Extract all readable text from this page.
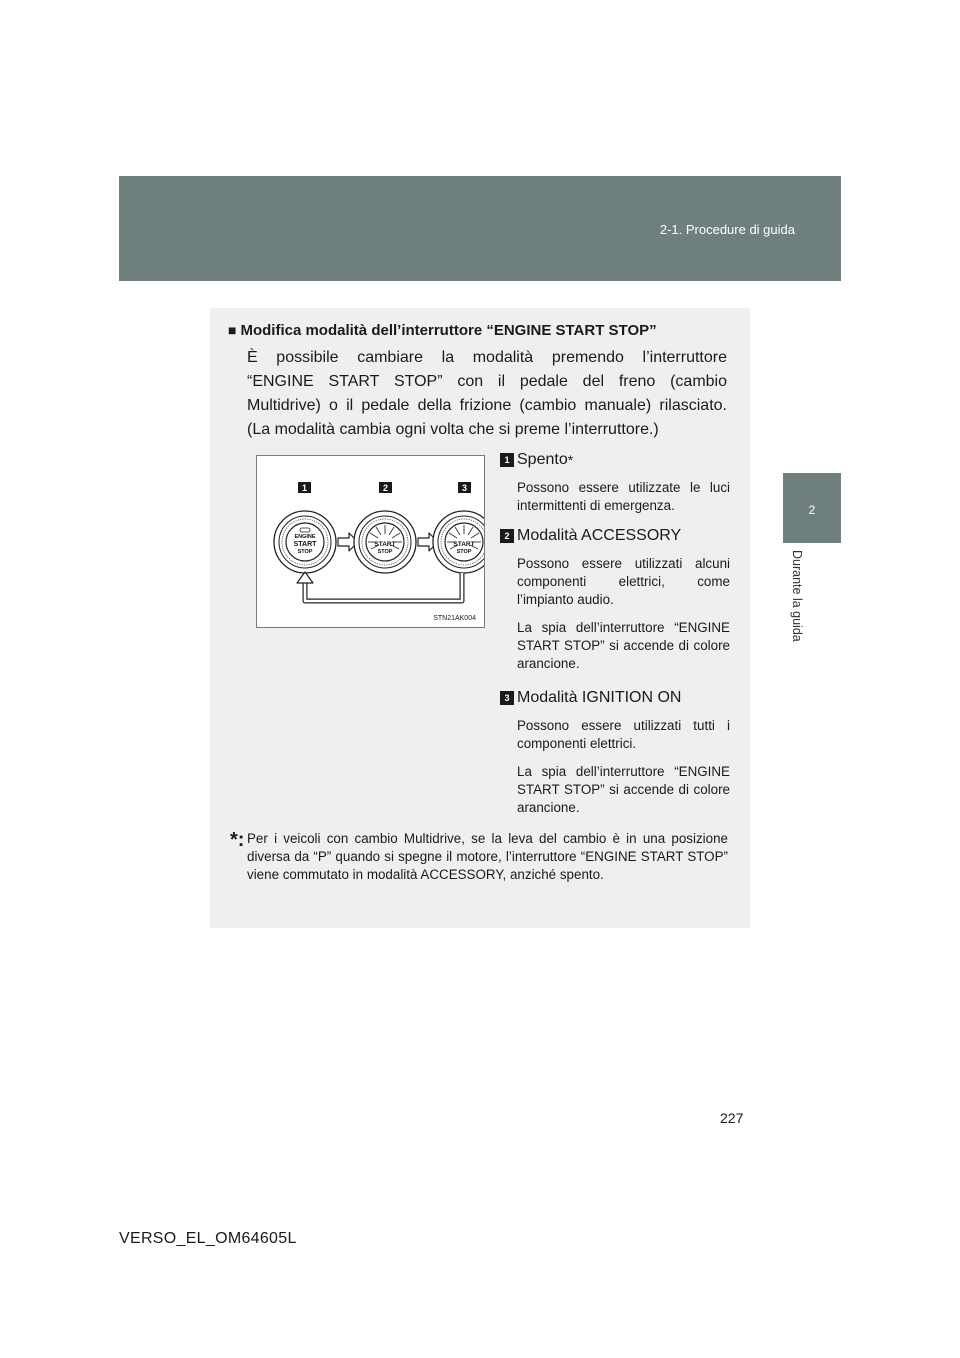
2-1. Procedure di guida
2
Durante la guida
■ Modifica modalità dell’interruttore “ENGINE START STOP”
È possibile cambiare la modalità premendo l’interruttore
“ENGINE START STOP” con il pedale del freno (cambio
Multidrive) o il pedale della frizione (cambio manuale) rilasciato.
(La modalità cambia ogni volta che si preme l’interruttore.)
1	2	3
ENGINE
START
STOP
START
STOP
START
STOP
STN21AK004
1 Spento *
Possono essere utilizzate le luci intermittenti di emergenza.
2 Modalità ACCESSORY
Possono essere utilizzati alcuni componenti elettrici, come l’impianto audio.
La spia dell’interruttore “ENGINE START STOP” si accende di colore arancione.
3 Modalità IGNITION ON
Possono essere utilizzati tutti i componenti elettrici.
La spia dell’interruttore “ENGINE START STOP” si accende di colore arancione.
*: Per i veicoli con cambio Multidrive, se la leva del cambio è in una posizione diversa da “P” quando si spegne il motore, l’interruttore “ENGINE START STOP” viene commutato in modalità ACCESSORY, anziché spento.
227
VERSO_EL_OM64605L
